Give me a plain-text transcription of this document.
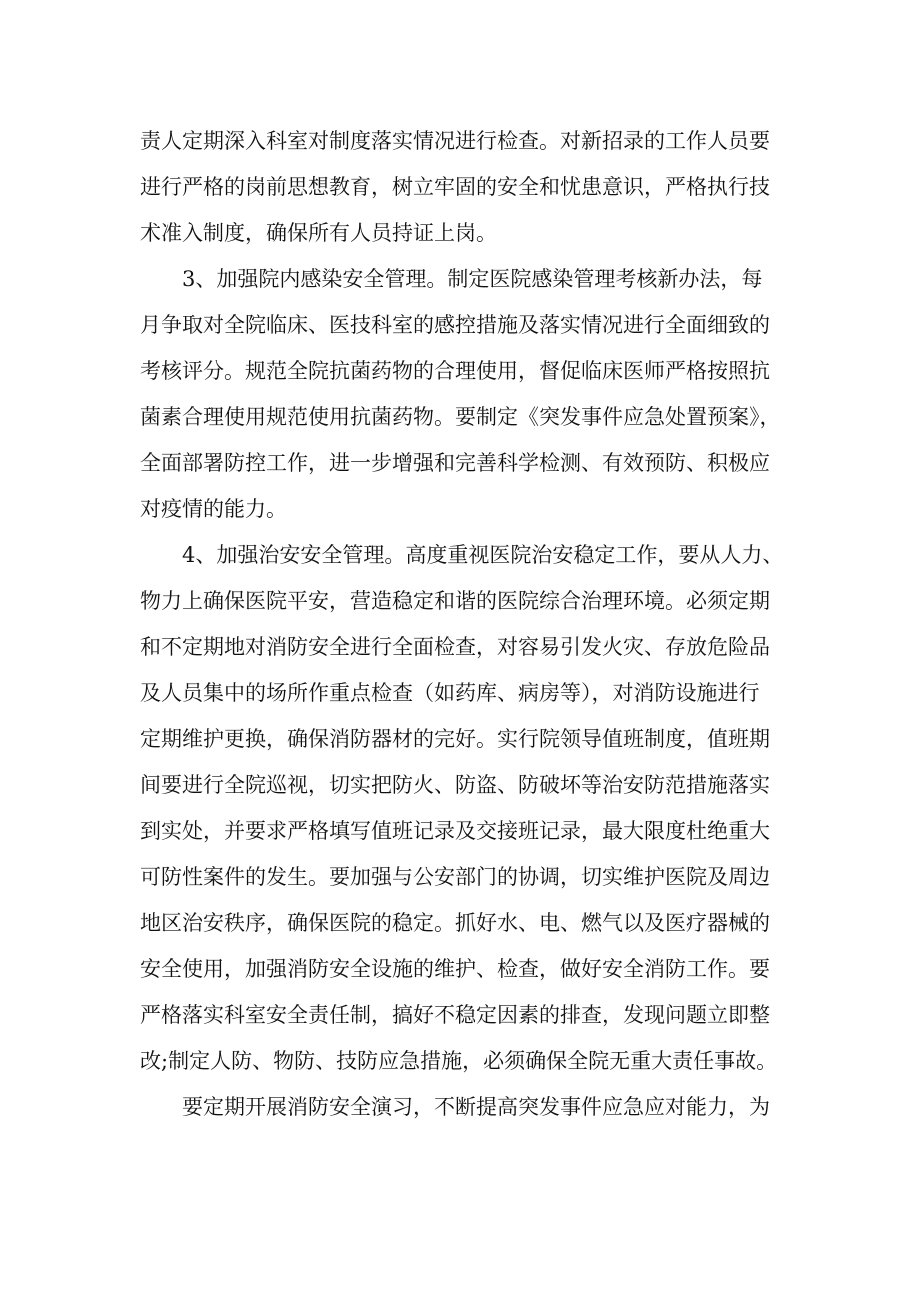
责人定期深入科室对制度落实情况进行检查。对新招录的工作人员要
进行严格的岗前思想教育，树立牢固的安全和忧患意识，严格执行技
术准入制度，确保所有人员持证上岗。
3、加强院内感染安全管理。制定医院感染管理考核新办法，每
月争取对全院临床、医技科室的感控措施及落实情况进行全面细致的
考核评分。规范全院抗菌药物的合理使用，督促临床医师严格按照抗
菌素合理使用规范使用抗菌药物。要制定《突发事件应急处置预案》，
全面部署防控工作，进一步增强和完善科学检测、有效预防、积极应
对疫情的能力。
4、加强治安安全管理。高度重视医院治安稳定工作，要从人力、
物力上确保医院平安，营造稳定和谐的医院综合治理环境。必须定期
和不定期地对消防安全进行全面检查，对容易引发火灾、存放危险品
及人员集中的场所作重点检查（如药库、病房等），对消防设施进行
定期维护更换，确保消防器材的完好。实行院领导值班制度，值班期
间要进行全院巡视，切实把防火、防盗、防破坏等治安防范措施落实
到实处，并要求严格填写值班记录及交接班记录，最大限度杜绝重大
可防性案件的发生。要加强与公安部门的协调，切实维护医院及周边
地区治安秩序，确保医院的稳定。抓好水、电、燃气以及医疗器械的
安全使用，加强消防安全设施的维护、检查，做好安全消防工作。要
严格落实科室安全责任制，搞好不稳定因素的排查，发现问题立即整
改;制定人防、物防、技防应急措施，必须确保全院无重大责任事故。
要定期开展消防安全演习，不断提高突发事件应急应对能力，为
